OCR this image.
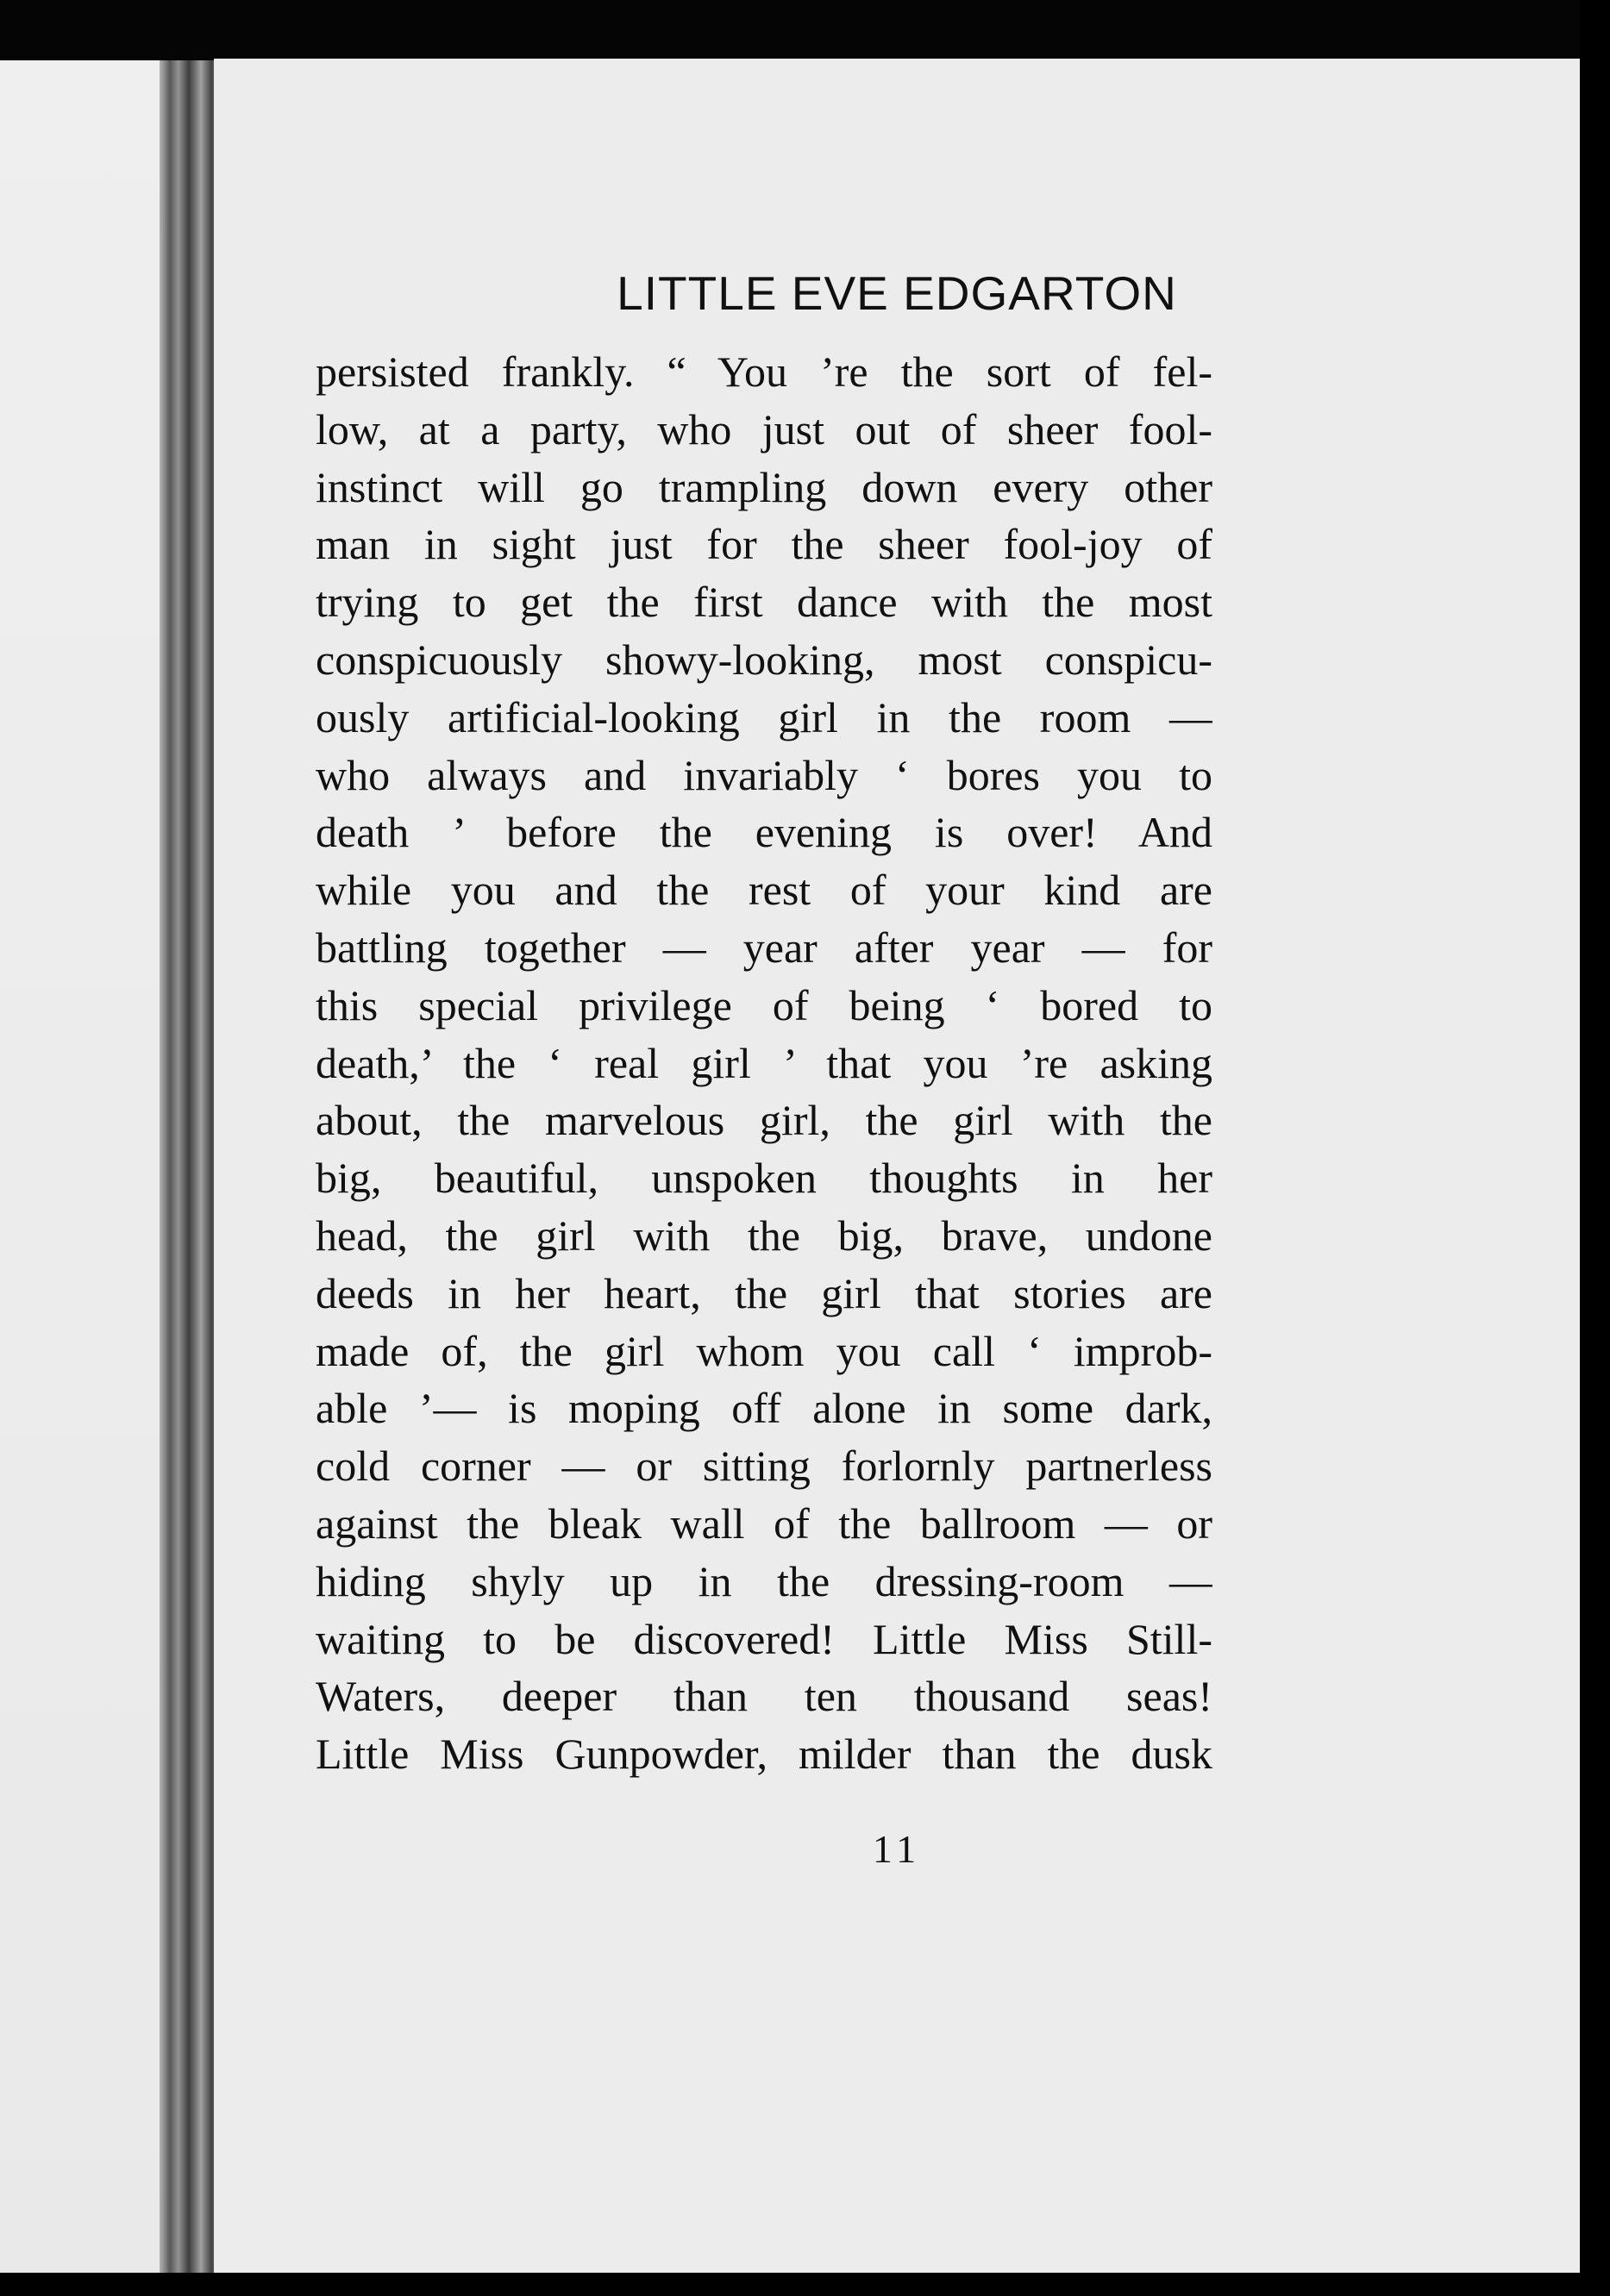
LITTLE EVE EDGARTON
persisted frankly. “ You ’re the sort of fel-
low, at a party, who just out of sheer fool-
instinct will go trampling down every other
man in sight just for the sheer fool-joy of
trying to get the first dance with the most
conspicuously showy-looking, most conspicu-
ously artificial-looking girl in the room —
who always and invariably ‘ bores you to
death ’ before the evening is over! And
while you and the rest of your kind are
battling together — year after year — for
this special privilege of being ‘ bored to
death,’ the ‘ real girl ’ that you ’re asking
about, the marvelous girl, the girl with the
big, beautiful, unspoken thoughts in her
head, the girl with the big, brave, undone
deeds in her heart, the girl that stories are
made of, the girl whom you call ‘ improb-
able ’— is moping off alone in some dark,
cold corner — or sitting forlornly partnerless
against the bleak wall of the ballroom — or
hiding shyly up in the dressing-room —
waiting to be discovered! Little Miss Still-
Waters, deeper than ten thousand seas!
Little Miss Gunpowder, milder than the dusk
11
